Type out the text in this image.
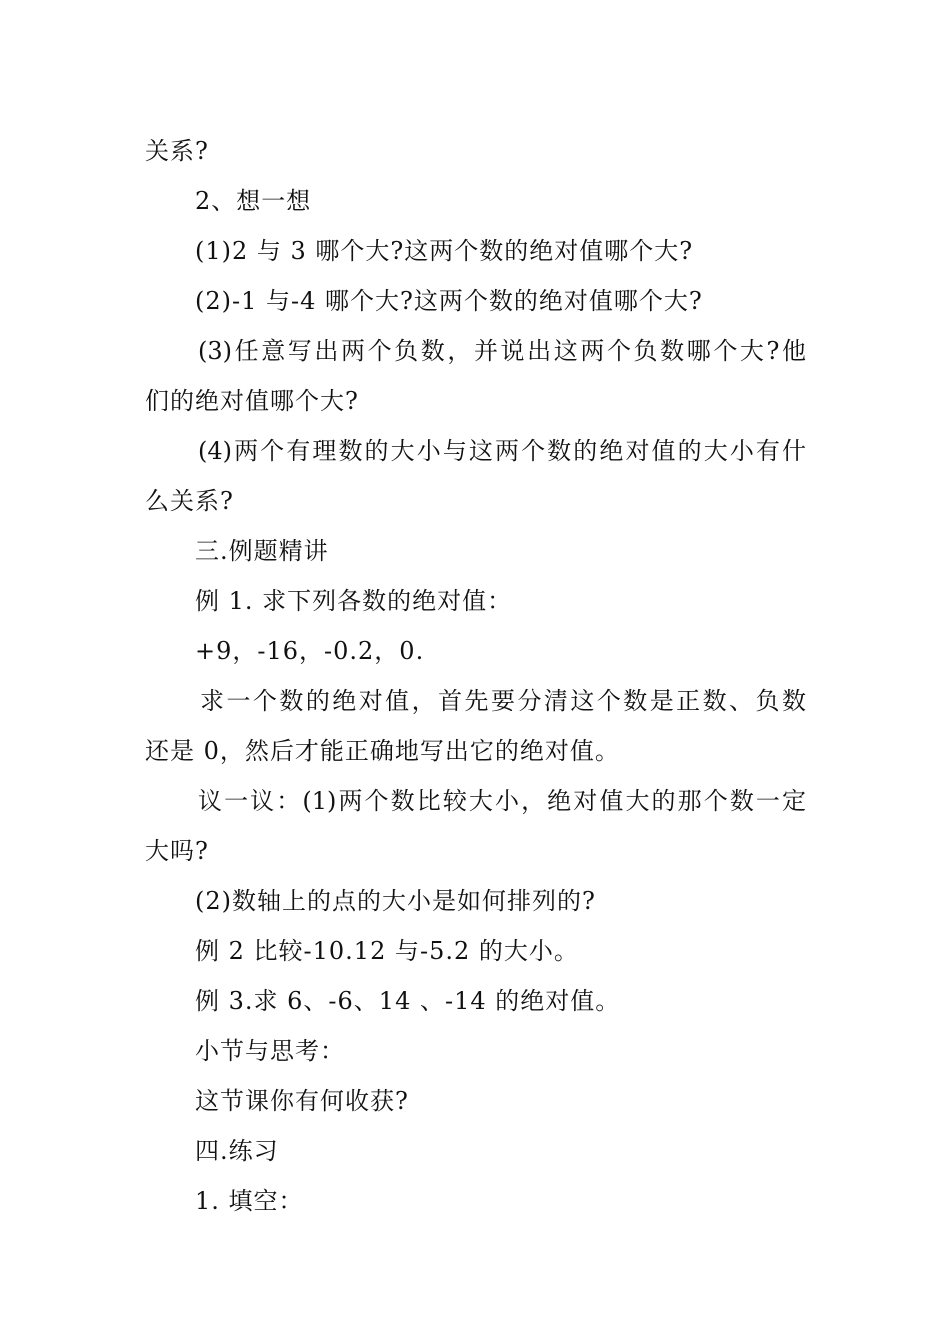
关系?
2、想一想
(1)2 与 3 哪个大?这两个数的绝对值哪个大?
(2)-1 与-4 哪个大?这两个数的绝对值哪个大?
(3)任意写出两个负数，并说出这两个负数哪个大?他
们的绝对值哪个大?
(4)两个有理数的大小与这两个数的绝对值的大小有什
么关系?
三.例题精讲
例 1. 求下列各数的绝对值：
+9，-16，-0.2，0.
求一个数的绝对值，首先要分清这个数是正数、负数
还是 0，然后才能正确地写出它的绝对值。
议一议：(1)两个数比较大小，绝对值大的那个数一定
大吗?
(2)数轴上的点的大小是如何排列的?
例 2 比较-10.12 与-5.2 的大小。
例 3.求 6、-6、14 、-14 的绝对值。
小节与思考：
这节课你有何收获?
四.练习
1. 填空：
